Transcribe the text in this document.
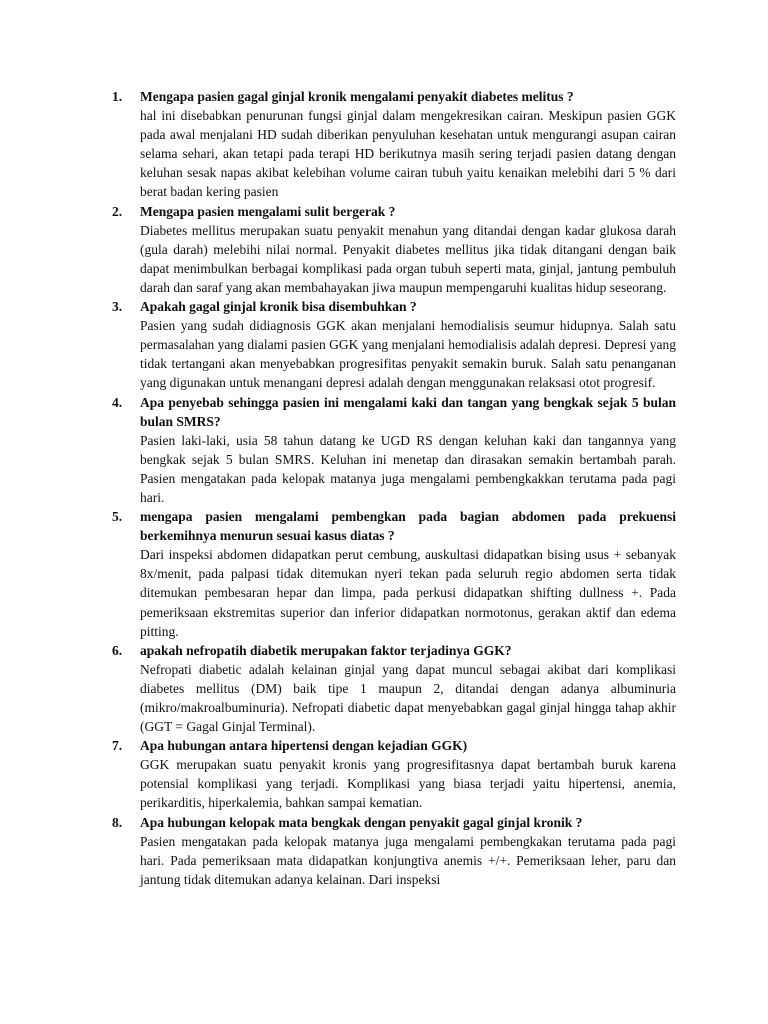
1. Mengapa pasien gagal ginjal kronik mengalami penyakit diabetes melitus ?
hal ini disebabkan penurunan fungsi ginjal dalam mengekresikan cairan. Meskipun pasien GGK pada awal menjalani HD sudah diberikan penyuluhan kesehatan untuk mengurangi asupan cairan selama sehari, akan tetapi pada terapi HD berikutnya masih sering terjadi pasien datang dengan keluhan sesak napas akibat kelebihan volume cairan tubuh yaitu kenaikan melebihi dari 5 % dari berat badan kering pasien
2. Mengapa pasien mengalami sulit bergerak ?
Diabetes mellitus merupakan suatu penyakit menahun yang ditandai dengan kadar glukosa darah (gula darah) melebihi nilai normal. Penyakit diabetes mellitus jika tidak ditangani dengan baik dapat menimbulkan berbagai komplikasi pada organ tubuh seperti mata, ginjal, jantung pembuluh darah dan saraf yang akan membahayakan jiwa maupun mempengaruhi kualitas hidup seseorang.
3. Apakah gagal ginjal kronik bisa disembuhkan ?
Pasien yang sudah didiagnosis GGK akan menjalani hemodialisis seumur hidupnya. Salah satu permasalahan yang dialami pasien GGK yang menjalani hemodialisis adalah depresi. Depresi yang tidak tertangani akan menyebabkan progresifitas penyakit semakin buruk. Salah satu penanganan yang digunakan untuk menangani depresi adalah dengan menggunakan relaksasi otot progresif.
4. Apa penyebab sehingga pasien ini mengalami kaki dan tangan yang bengkak sejak 5 bulan bulan SMRS?
Pasien laki-laki, usia 58 tahun datang ke UGD RS dengan keluhan kaki dan tangannya yang bengkak sejak 5 bulan SMRS. Keluhan ini menetap dan dirasakan semakin bertambah parah. Pasien mengatakan pada kelopak matanya juga mengalami pembengkakkan terutama pada pagi hari.
5. mengapa pasien mengalami pembengkan pada bagian abdomen pada prekuensi berkemihnya menurun sesuai kasus diatas ?
Dari inspeksi abdomen didapatkan perut cembung, auskultasi didapatkan bising usus + sebanyak 8x/menit, pada palpasi tidak ditemukan nyeri tekan pada seluruh regio abdomen serta tidak ditemukan pembesaran hepar dan limpa, pada perkusi didapatkan shifting dullness +. Pada pemeriksaan ekstremitas superior dan inferior didapatkan normotonus, gerakan aktif dan edema pitting.
6. apakah nefropatih diabetik merupakan faktor terjadinya GGK?
Nefropati diabetic adalah kelainan ginjal yang dapat muncul sebagai akibat dari komplikasi diabetes mellitus (DM) baik tipe 1 maupun 2, ditandai dengan adanya albuminuria (mikro/makroalbuminuria). Nefropati diabetic dapat menyebabkan gagal ginjal hingga tahap akhir (GGT = Gagal Ginjal Terminal).
7. Apa hubungan antara hipertensi dengan kejadian GGK)
GGK merupakan suatu penyakit kronis yang progresifitasnya dapat bertambah buruk karena potensial komplikasi yang terjadi. Komplikasi yang biasa terjadi yaitu hipertensi, anemia, perikarditis, hiperkalemia, bahkan sampai kematian.
8. Apa hubungan kelopak mata bengkak dengan penyakit gagal ginjal kronik ?
Pasien mengatakan pada kelopak matanya juga mengalami pembengkakan terutama pada pagi hari. Pada pemeriksaan mata didapatkan konjungtiva anemis +/+. Pemeriksaan leher, paru dan jantung tidak ditemukan adanya kelainan. Dari inspeksi
